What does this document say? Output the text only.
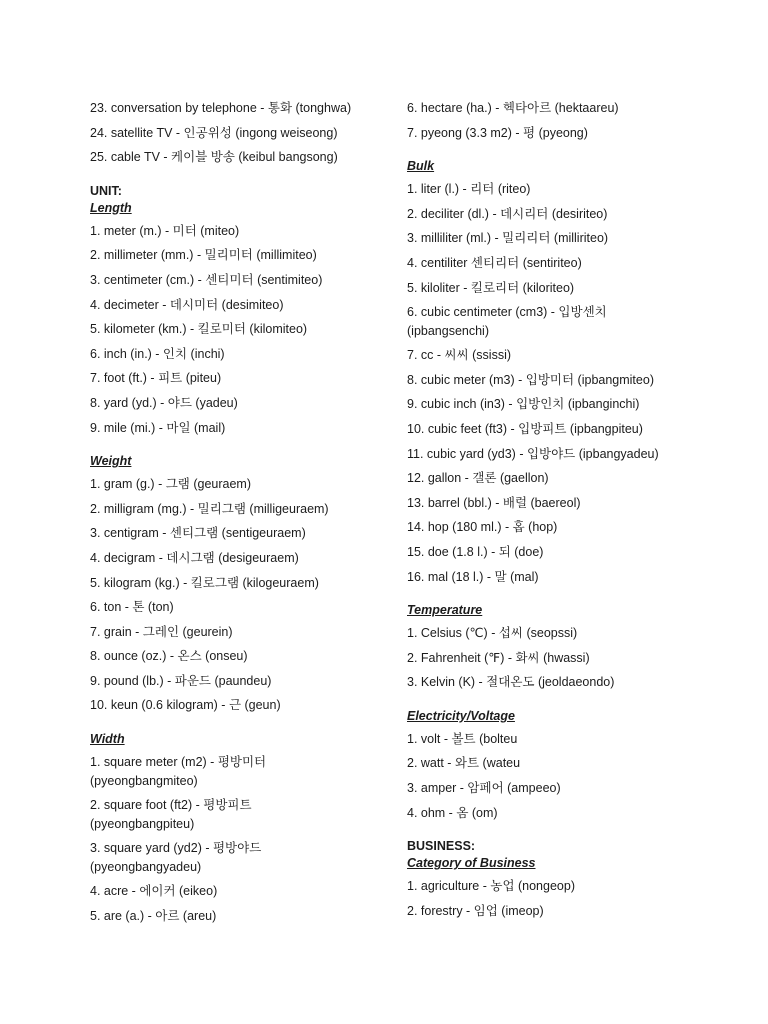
23. conversation by telephone - 통화 (tonghwa)
24. satellite TV - 인공위성 (ingong weiseong)
25. cable TV - 케이블 방송 (keibul bangsong)
UNIT:
Length
1. meter (m.) - 미터 (miteo)
2. millimeter (mm.) - 밀리미터 (millimiteo)
3. centimeter (cm.) - 센티미터 (sentimiteo)
4. decimeter - 데시미터 (desimiteo)
5. kilometer (km.) - 킬로미터 (kilomiteo)
6. inch (in.) - 인치 (inchi)
7. foot (ft.) - 피트 (piteu)
8. yard (yd.) - 야드 (yadeu)
9. mile (mi.) - 마일 (mail)
Weight
1. gram (g.) - 그램 (geuraem)
2. milligram (mg.) - 밀리그램 (milligeuraem)
3. centigram - 센티그램 (sentigeuraem)
4. decigram - 데시그램 (desigeuraem)
5. kilogram (kg.) - 킬로그램 (kilogeuraem)
6. ton - 톤 (ton)
7. grain - 그레인 (geurein)
8. ounce (oz.) - 온스 (onseu)
9. pound (lb.) - 파운드 (paundeu)
10. keun (0.6 kilogram) - 근 (geun)
Width
1. square meter (m2) - 평방미터 (pyeongbangmiteo)
2. square foot (ft2) - 평방피트 (pyeongbangpiteu)
3. square yard (yd2) - 평방야드 (pyeongbangyadeu)
4. acre - 에이커 (eikeo)
5. are (a.) - 아르 (areu)
6. hectare (ha.) - 헥타아르 (hektaareu)
7. pyeong (3.3 m2) - 평 (pyeong)
Bulk
1. liter (l.) - 리터 (riteo)
2. deciliter (dl.) - 데시리터 (desiriteo)
3. milliliter (ml.) - 밀리리터 (milliriteo)
4. centiliter 센티리터 (sentiriteo)
5. kiloliter - 킬로리터 (kiloriteo)
6. cubic centimeter (cm3) - 입방센치 (ipbangsenchi)
7. cc - 씨씨 (ssissi)
8. cubic meter (m3) - 입방미터 (ipbangmiteo)
9. cubic inch (in3) - 입방인치 (ipbanginchi)
10. cubic feet (ft3) - 입방피트 (ipbangpiteu)
11. cubic yard (yd3) - 입방야드 (ipbangyadeu)
12. gallon - 갤론 (gaellon)
13. barrel (bbl.) - 배럴 (baereol)
14. hop (180 ml.) - 홉 (hop)
15. doe (1.8 l.) - 되 (doe)
16. mal (18 l.) - 말 (mal)
Temperature
1. Celsius (℃) - 섭씨 (seopssi)
2. Fahrenheit (℉) - 화씨 (hwassi)
3. Kelvin (K) - 절대온도 (jeoldaeondo)
Electricity/Voltage
1. volt - 볼트 (bolteu
2. watt - 와트 (wateu
3. amper - 암페어 (ampeeo)
4. ohm - 옴 (om)
BUSINESS:
Category of Business
1. agriculture - 농업 (nongeop)
2. forestry - 임업 (imeop)
